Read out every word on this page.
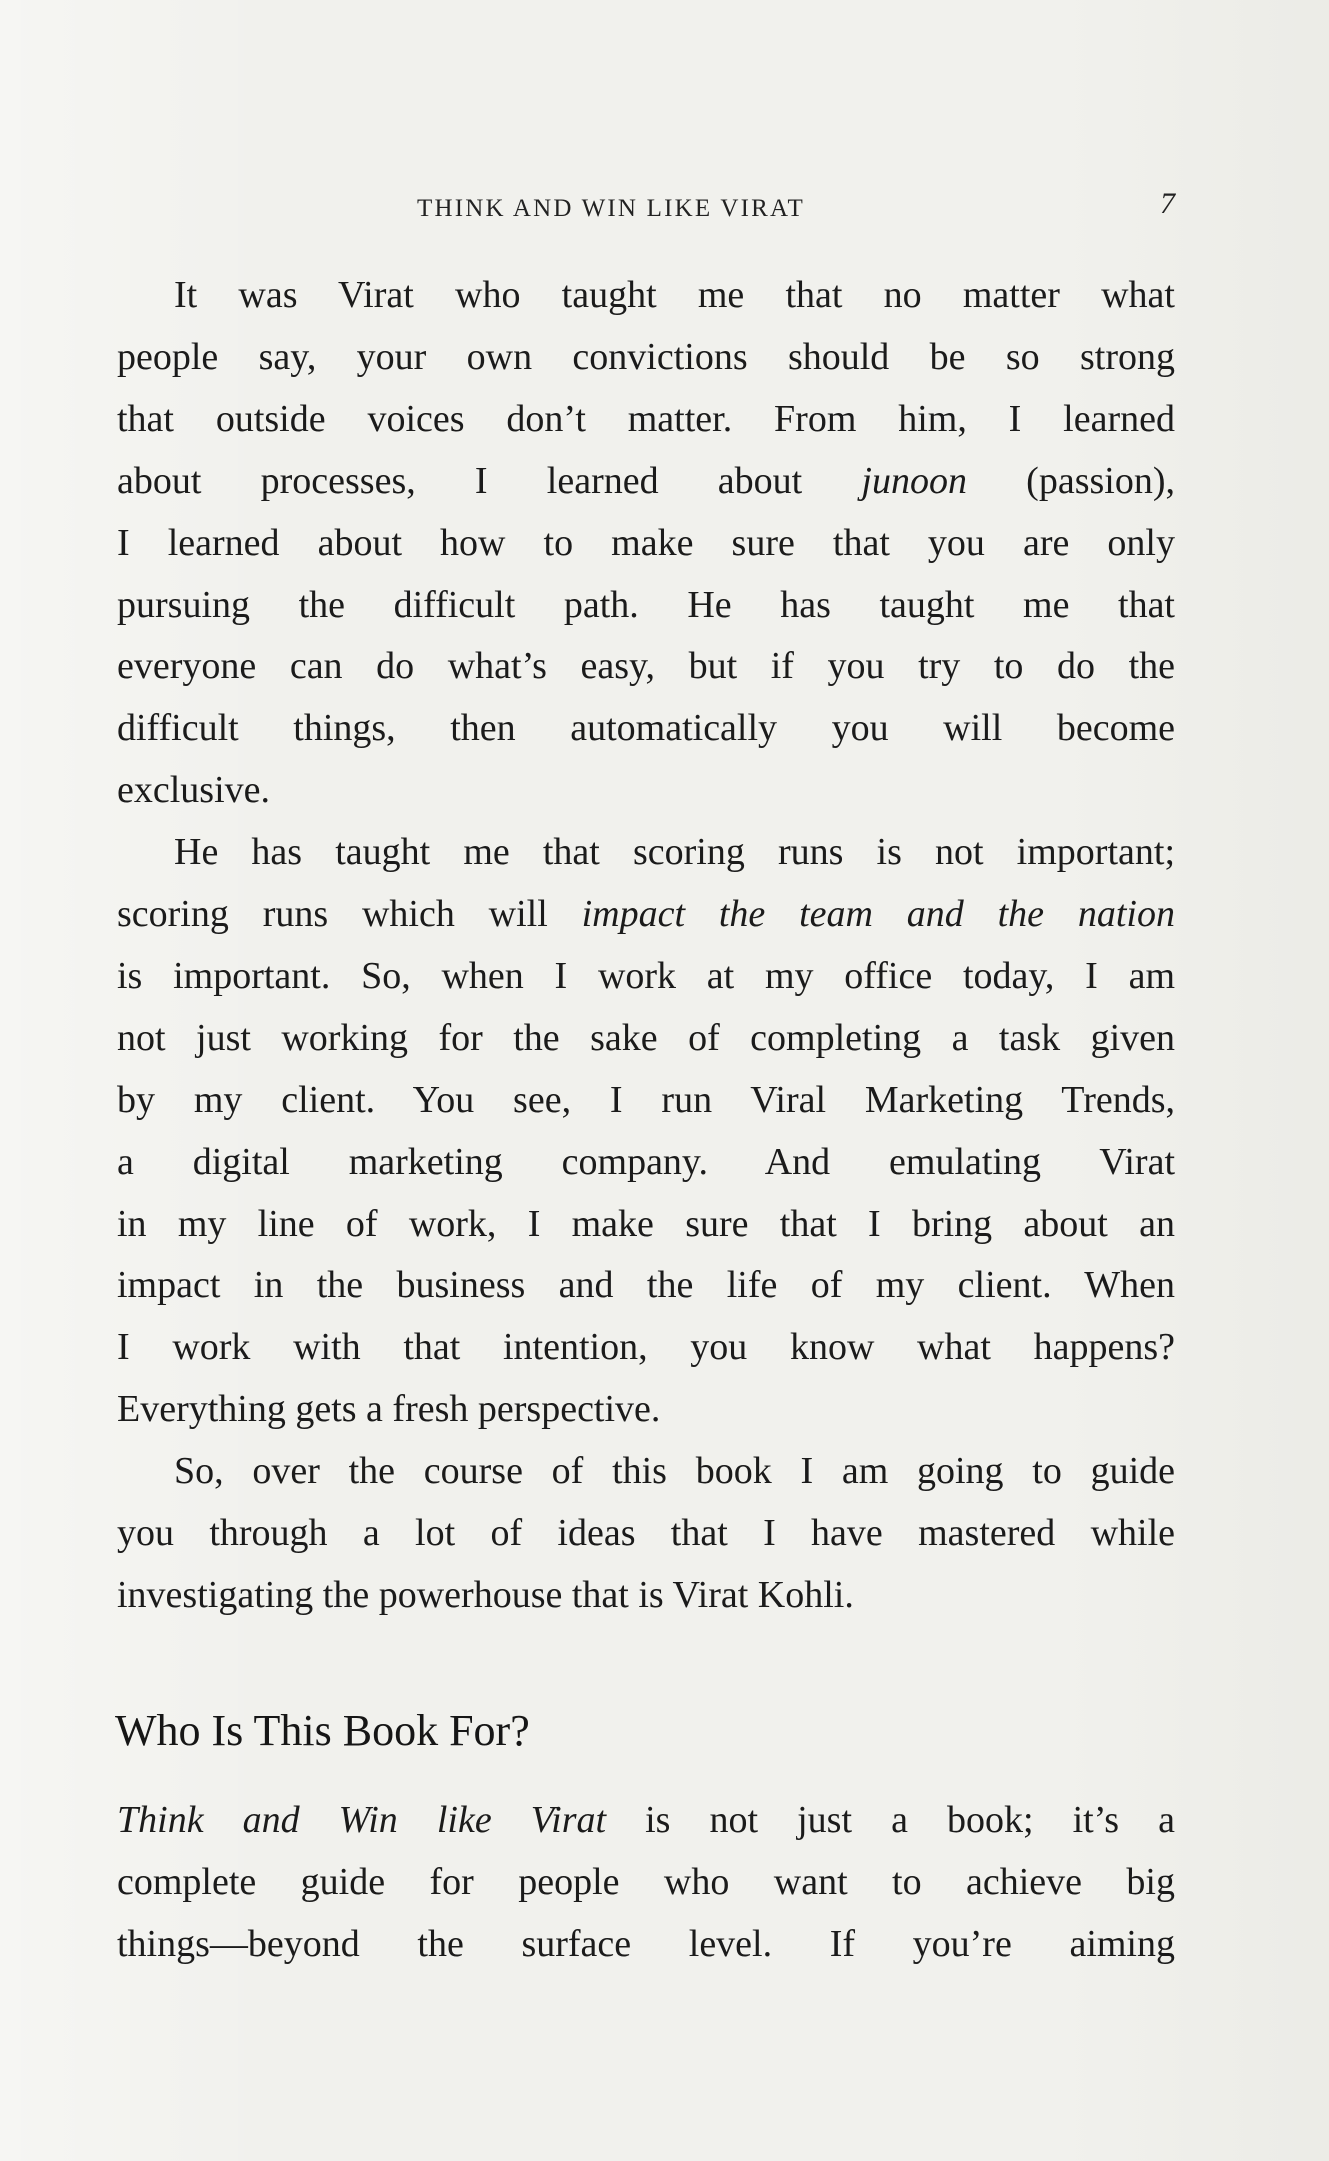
THINK AND WIN LIKE VIRAT	7
It was Virat who taught me that no matter what
people say, your own convictions should be so strong
that outside voices don’t matter. From him, I learned
about processes, I learned about junoon (passion),
I learned about how to make sure that you are only
pursuing the difficult path. He has taught me that
everyone can do what’s easy, but if you try to do the
difficult things, then automatically you will become
exclusive.
He has taught me that scoring runs is not important;
scoring runs which will impact the team and the nation
is important. So, when I work at my office today, I am
not just working for the sake of completing a task given
by my client. You see, I run Viral Marketing Trends,
a digital marketing company. And emulating Virat
in my line of work, I make sure that I bring about an
impact in the business and the life of my client. When
I work with that intention, you know what happens?
Everything gets a fresh perspective.
So, over the course of this book I am going to guide
you through a lot of ideas that I have mastered while
investigating the powerhouse that is Virat Kohli.
Who Is This Book For?
Think and Win like Virat is not just a book; it’s a
complete guide for people who want to achieve big
things—beyond the surface level. If you’re aiming
